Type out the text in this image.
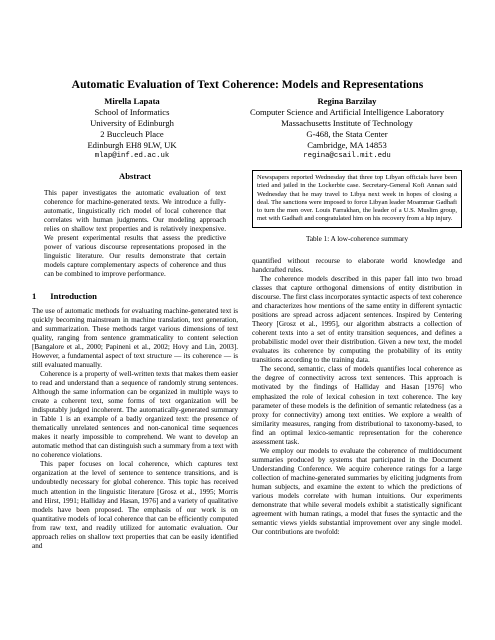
Automatic Evaluation of Text Coherence: Models and Representations
Mirella Lapata
School of Informatics
University of Edinburgh
2 Buccleuch Place
Edinburgh EH8 9LW, UK
mlap@inf.ed.ac.uk
Regina Barzilay
Computer Science and Artificial Intelligence Laboratory
Massachusetts Institute of Technology
G-468, the Stata Center
Cambridge, MA 14853
regina@csail.mit.edu
Abstract

This paper investigates the automatic evaluation of text coherence for machine-generated texts. We introduce a fully-automatic, linguistically rich model of local coherence that correlates with human judgments. Our modeling approach relies on shallow text properties and is relatively inexpensive. We present experimental results that assess the predictive power of various discourse representations proposed in the linguistic literature. Our results demonstrate that certain models capture complementary aspects of coherence and thus can be combined to improve performance.

1 Introduction

The use of automatic methods for evaluating machine-generated text is quickly becoming mainstream in machine translation, text generation, and summarization. These methods target various dimensions of text quality, ranging from sentence grammaticality to content selection [Bangalore et al., 2000; Papineni et al., 2002; Hovy and Lin, 2003]. However, a fundamental aspect of text structure — its coherence — is still evaluated manually.

Coherence is a property of well-written texts that makes them easier to read and understand than a sequence of randomly strung sentences. Although the same information can be organized in multiple ways to create a coherent text, some forms of text organization will be indisputably judged incoherent. The automatically-generated summary in Table 1 is an example of a badly organized text: the presence of thematically unrelated sentences and non-canonical time sequences makes it nearly impossible to comprehend. We want to develop an automatic method that can distinguish such a summary from a text with no coherence violations.

This paper focuses on local coherence, which captures text organization at the level of sentence to sentence transitions, and is undoubtedly necessary for global coherence. This topic has received much attention in the linguistic literature [Grosz et al., 1995; Morris and Hirst, 1991; Halliday and Hasan, 1976] and a variety of qualitative models have been proposed. The emphasis of our work is on quantitative models of local coherence that can be efficiently computed from raw text, and readily utilized for automatic evaluation. Our approach relies on shallow text properties that can be easily identified and

Newspapers reported Wednesday that three top Libyan officials have been tried and jailed in the Lockerbie case. Secretary-General Kofi Annan said Wednesday that he may travel to Libya next week in hopes of closing a deal. The sanctions were imposed to force Libyan leader Moammar Gadhafi to turn the men over. Louis Farrakhan, the leader of a U.S. Muslim group, met with Gadhafi and congratulated him on his recovery from a hip injury.
Table 1: A low-coherence summary

quantified without recourse to elaborate world knowledge and handcrafted rules.

The coherence models described in this paper fall into two broad classes that capture orthogonal dimensions of entity distribution in discourse. The first class incorporates syntactic aspects of text coherence and characterizes how mentions of the same entity in different syntactic positions are spread across adjacent sentences. Inspired by Centering Theory [Grosz et al., 1995], our algorithm abstracts a collection of coherent texts into a set of entity transition sequences, and defines a probabilistic model over their distribution. Given a new text, the model evaluates its coherence by computing the probability of its entity transitions according to the training data.

The second, semantic, class of models quantifies local coherence as the degree of connectivity across text sentences. This approach is motivated by the findings of Halliday and Hasan [1976] who emphasized the role of lexical cohesion in text coherence. The key parameter of these models is the definition of semantic relatedness (as a proxy for connectivity) among text entities. We explore a wealth of similarity measures, ranging from distributional to taxonomy-based, to find an optimal lexico-semantic representation for the coherence assessment task.

We employ our models to evaluate the coherence of multidocument summaries produced by systems that participated in the Document Understanding Conference. We acquire coherence ratings for a large collection of machine-generated summaries by eliciting judgments from human subjects, and examine the extent to which the predictions of various models correlate with human intuitions. Our experiments demonstrate that while several models exhibit a statistically significant agreement with human ratings, a model that fuses the syntactic and the semantic views yields substantial improvement over any single model. Our contributions are twofold:
